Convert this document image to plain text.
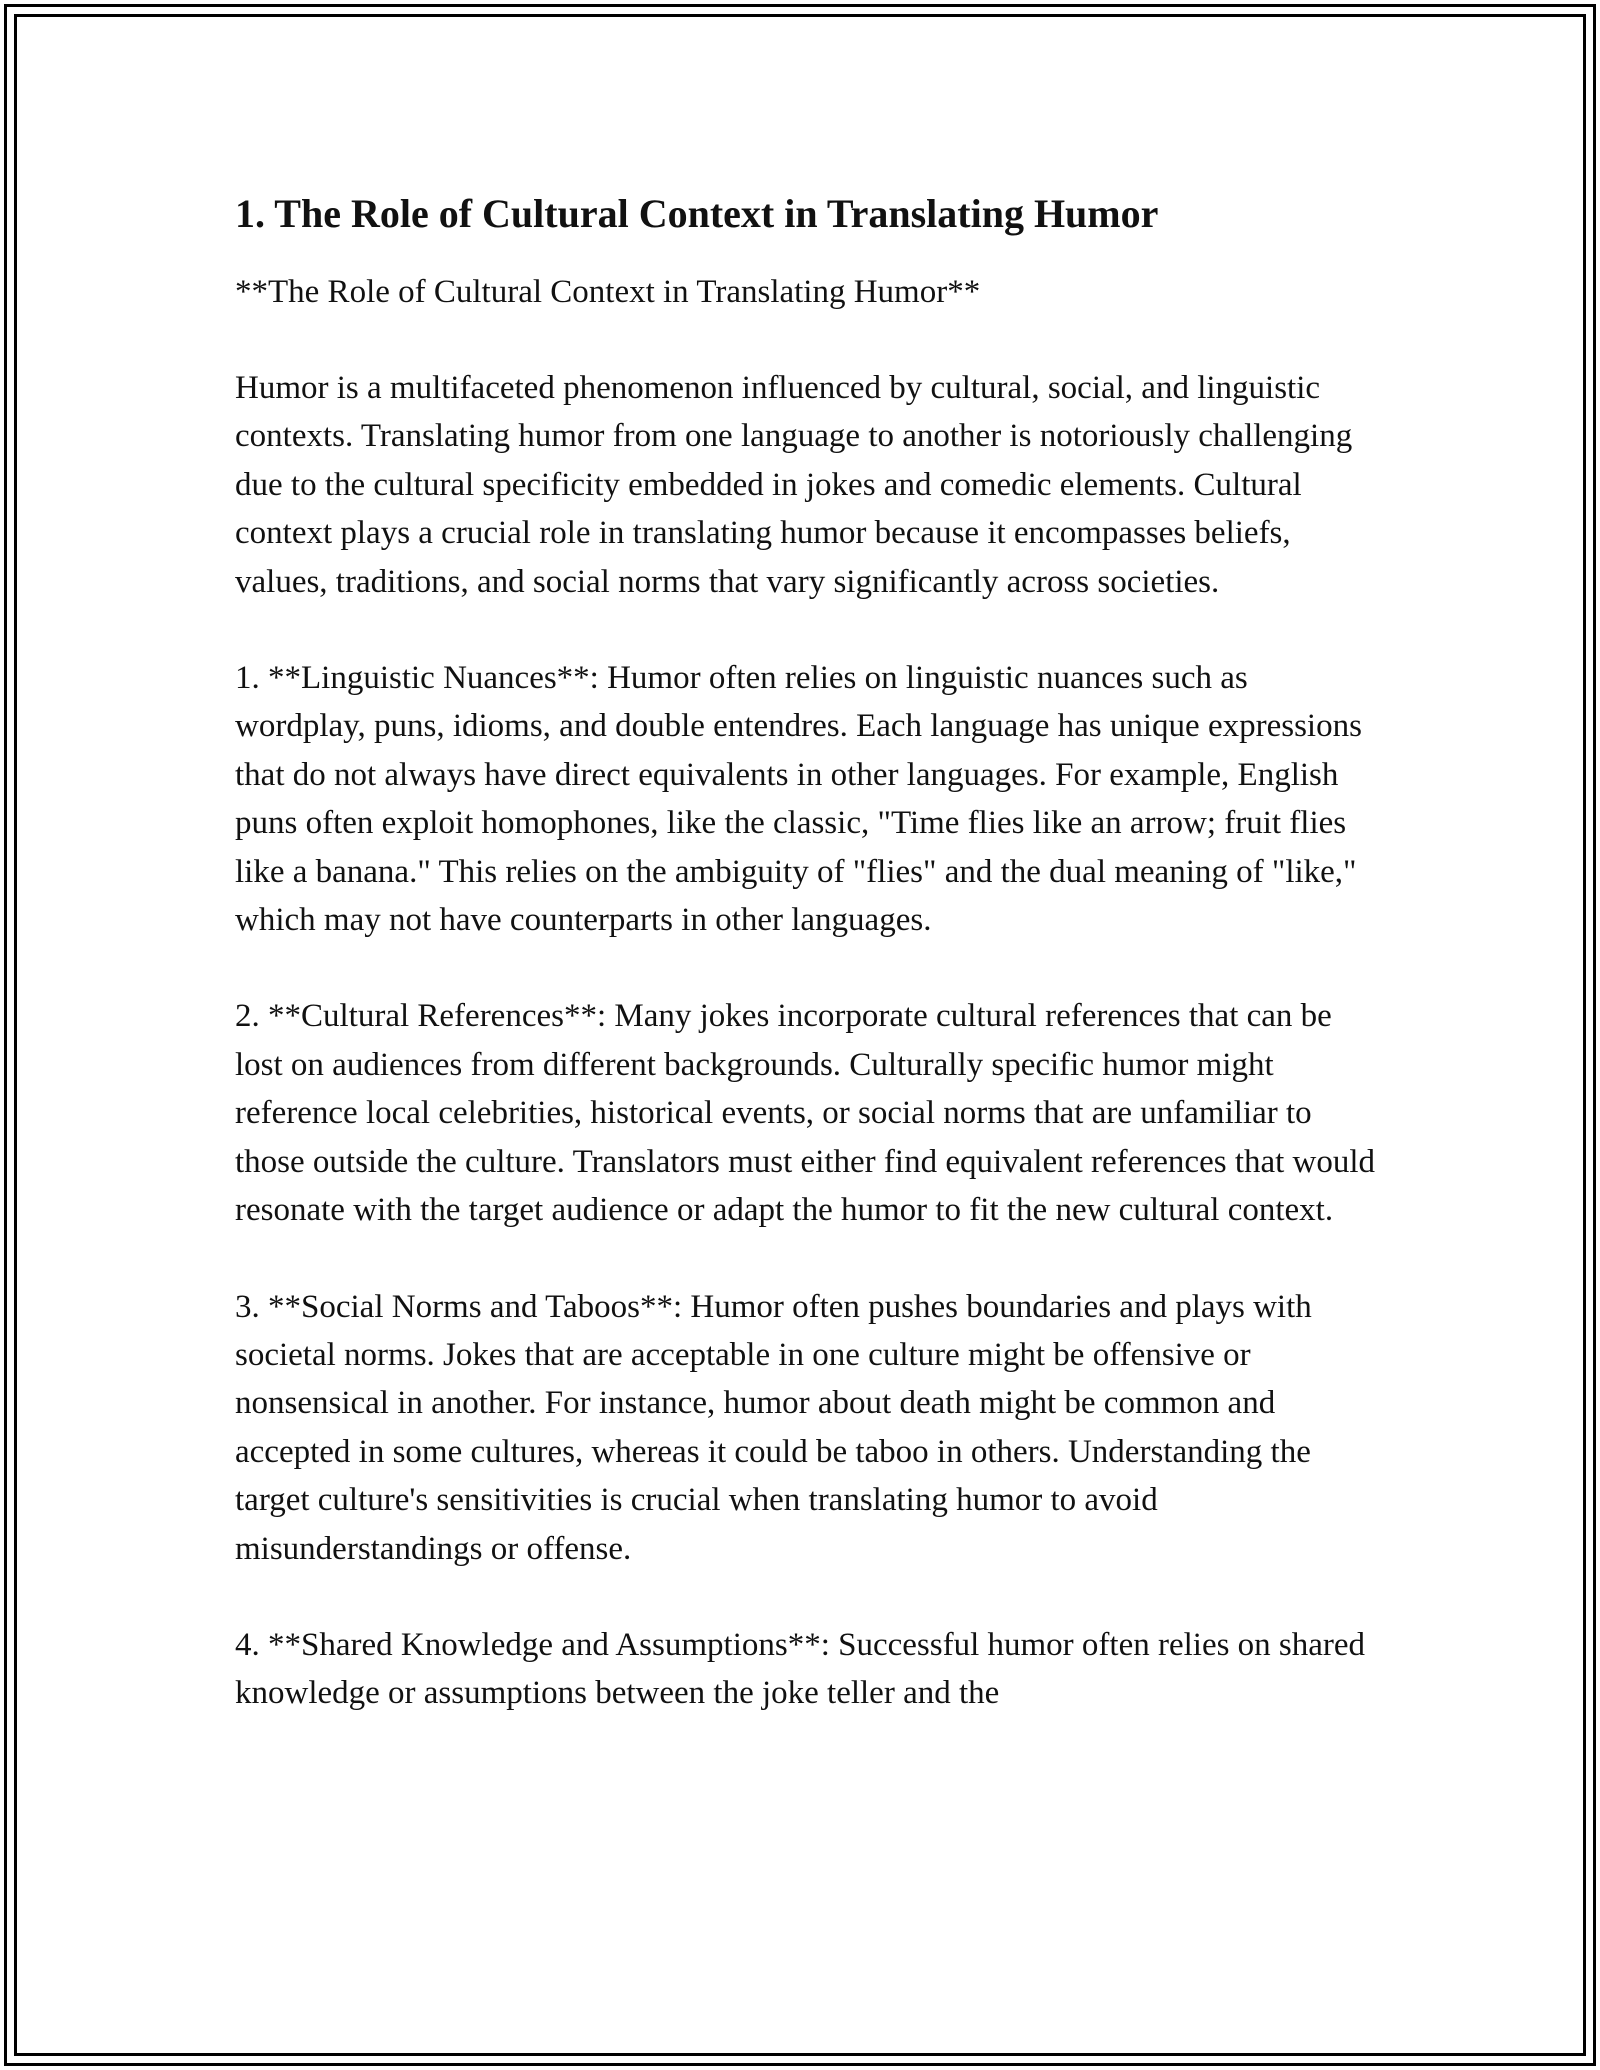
1. The Role of Cultural Context in Translating Humor

**The Role of Cultural Context in Translating Humor**

Humor is a multifaceted phenomenon influenced by cultural, social, and linguistic contexts. Translating humor from one language to another is notoriously challenging due to the cultural specificity embedded in jokes and comedic elements. Cultural context plays a crucial role in translating humor because it encompasses beliefs, values, traditions, and social norms that vary significantly across societies.

1. **Linguistic Nuances**: Humor often relies on linguistic nuances such as wordplay, puns, idioms, and double entendres. Each language has unique expressions that do not always have direct equivalents in other languages. For example, English puns often exploit homophones, like the classic, "Time flies like an arrow; fruit flies like a banana." This relies on the ambiguity of "flies" and the dual meaning of "like," which may not have counterparts in other languages.

2. **Cultural References**: Many jokes incorporate cultural references that can be lost on audiences from different backgrounds. Culturally specific humor might reference local celebrities, historical events, or social norms that are unfamiliar to those outside the culture. Translators must either find equivalent references that would resonate with the target audience or adapt the humor to fit the new cultural context.

3. **Social Norms and Taboos**: Humor often pushes boundaries and plays with societal norms. Jokes that are acceptable in one culture might be offensive or nonsensical in another. For instance, humor about death might be common and accepted in some cultures, whereas it could be taboo in others. Understanding the target culture's sensitivities is crucial when translating humor to avoid misunderstandings or offense.

4. **Shared Knowledge and Assumptions**: Successful humor often relies on shared knowledge or assumptions between the joke teller and the
